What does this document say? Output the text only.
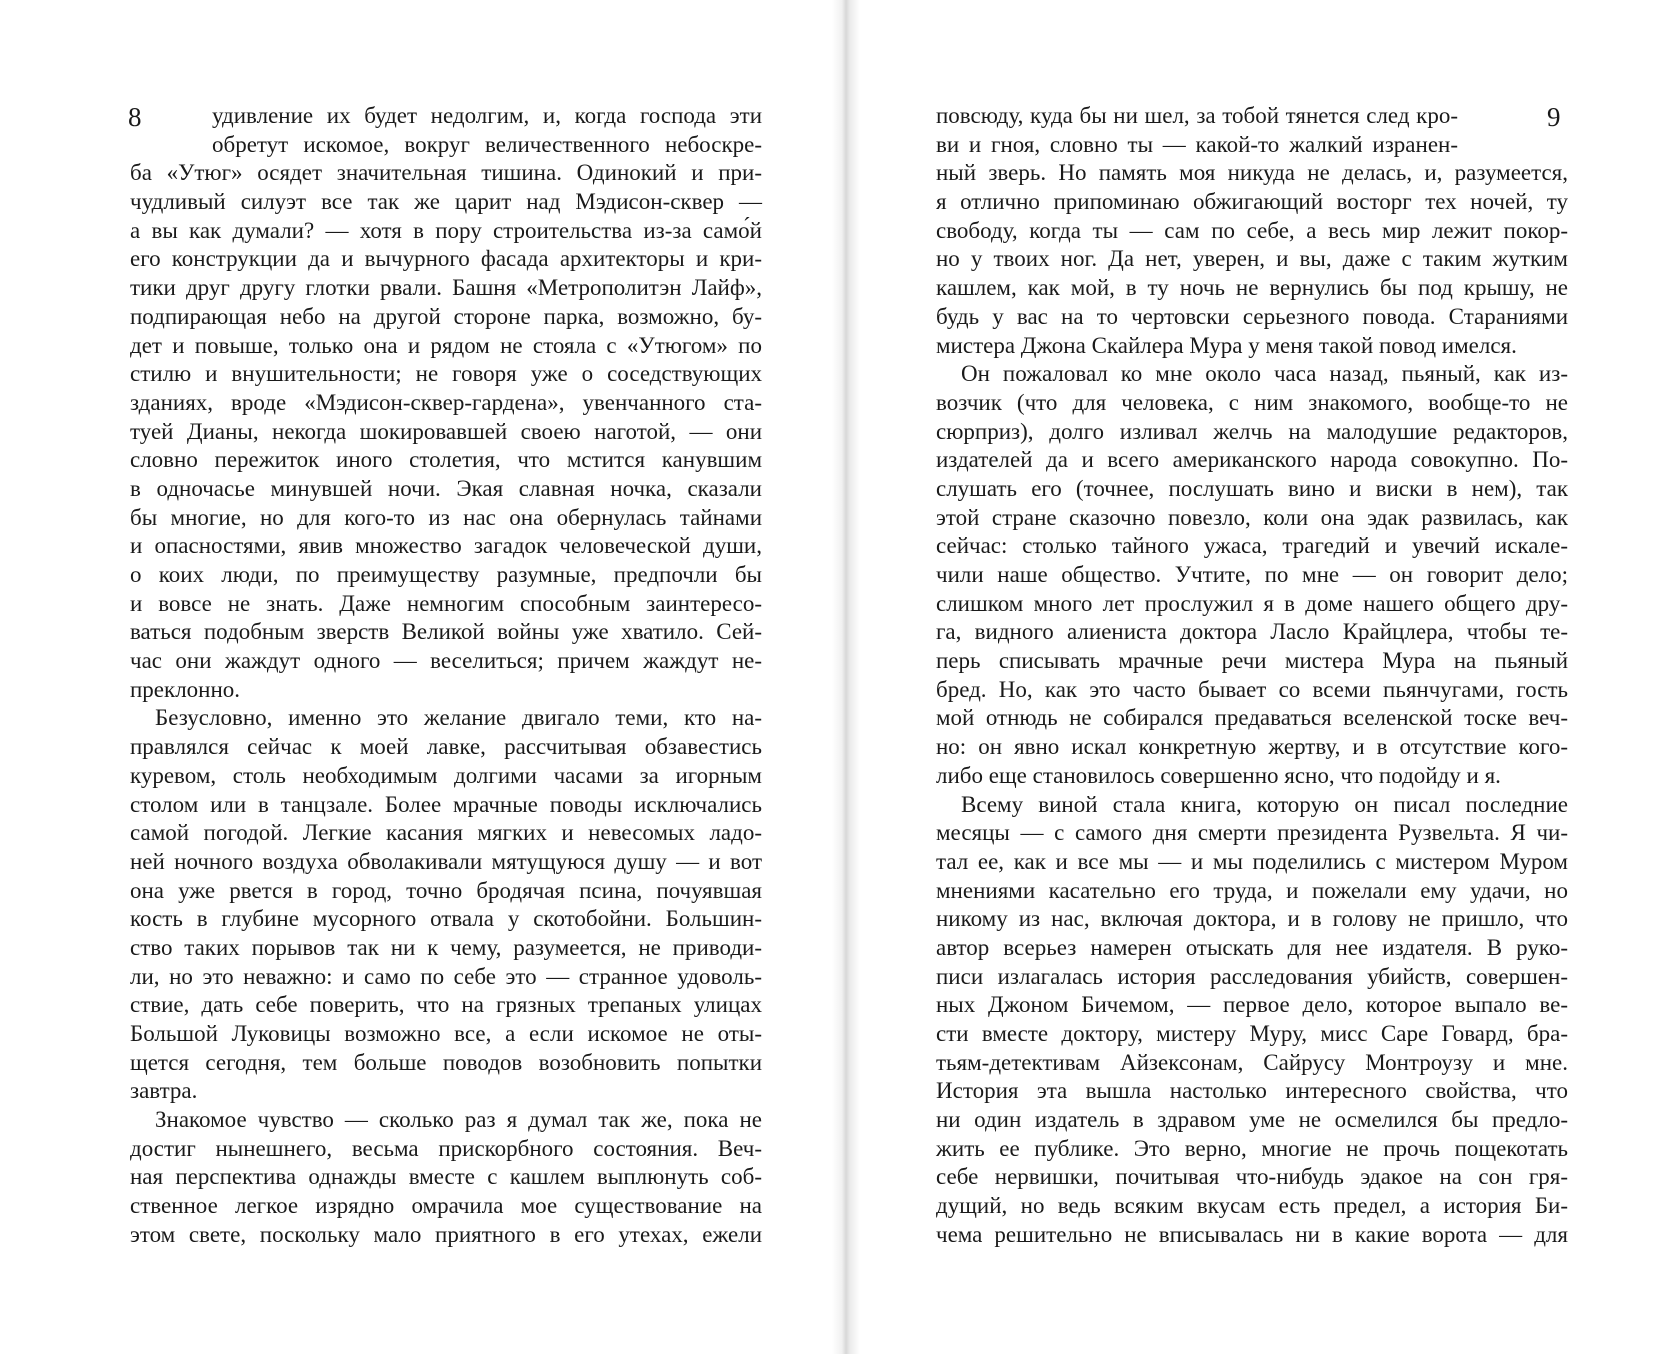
8	9
удивление их будет недолгим, и, когда господа эти
обретут искомое, вокруг величественного небоскре-
ба «Утюг» осядет значительная тишина. Одинокий и при-
чудливый силуэт все так же царит над Мэдисон-сквер —
а вы как думали? — хотя в пору строительства из-за само́й
его конструкции да и вычурного фасада архитекторы и кри-
тики друг другу глотки рвали. Башня «Метрополитэн Лайф»,
подпирающая небо на другой стороне парка, возможно, бу-
дет и повыше, только она и рядом не стояла с «Утюгом» по
стилю и внушительности; не говоря уже о соседствующих
зданиях, вроде «Мэдисон-сквер-гардена», увенчанного ста-
туей Дианы, некогда шокировавшей своею наготой, — они
словно пережиток иного столетия, что мстится канувшим
в одночасье минувшей ночи. Экая славная ночка, сказали
бы многие, но для кого-то из нас она обернулась тайнами
и опасностями, явив множество загадок человеческой души,
о коих люди, по преимуществу разумные, предпочли бы
и вовсе не знать. Даже немногим способным заинтересо-
ваться подобным зверств Великой войны уже хватило. Сей-
час они жаждут одного — веселиться; причем жаждут не-
преклонно.
Безусловно, именно это желание двигало теми, кто на-
правлялся сейчас к моей лавке, рассчитывая обзавестись
куревом, столь необходимым долгими часами за игорным
столом или в танцзале. Более мрачные поводы исключались
самой погодой. Легкие касания мягких и невесомых ладо-
ней ночного воздуха обволакивали мятущуюся душу — и вот
она уже рвется в город, точно бродячая псина, почуявшая
кость в глубине мусорного отвала у скотобойни. Большин-
ство таких порывов так ни к чему, разумеется, не приводи-
ли, но это неважно: и само по себе это — странное удоволь-
ствие, дать себе поверить, что на грязных трепаных улицах
Большой Луковицы возможно все, а если искомое не оты-
щется сегодня, тем больше поводов возобновить попытки
завтра.
Знакомое чувство — сколько раз я думал так же, пока не
достиг нынешнего, весьма прискорбного состояния. Веч-
ная перспектива однажды вместе с кашлем выплюнуть соб-
ственное легкое изрядно омрачила мое существование на
этом свете, поскольку мало приятного в его утехах, ежели
повсюду, куда бы ни шел, за тобой тянется след кро-
ви и гноя, словно ты — какой-то жалкий изранен-
ный зверь. Но память моя никуда не делась, и, разумеется,
я отлично припоминаю обжигающий восторг тех ночей, ту
свободу, когда ты — сам по себе, а весь мир лежит покор-
но у твоих ног. Да нет, уверен, и вы, даже с таким жутким
кашлем, как мой, в ту ночь не вернулись бы под крышу, не
будь у вас на то чертовски серьезного повода. Стараниями
мистера Джона Скайлера Мура у меня такой повод имелся.
Он пожаловал ко мне около часа назад, пьяный, как из-
возчик (что для человека, с ним знакомого, вообще-то не
сюрприз), долго изливал желчь на малодушие редакторов,
издателей да и всего американского народа совокупно. По-
слушать его (точнее, послушать вино и виски в нем), так
этой стране сказочно повезло, коли она эдак развилась, как
сейчас: столько тайного ужаса, трагедий и увечий искале-
чили наше общество. Учтите, по мне — он говорит дело;
слишком много лет прослужил я в доме нашего общего дру-
га, видного алиениста доктора Ласло Крайцлера, чтобы те-
перь списывать мрачные речи мистера Мура на пьяный
бред. Но, как это часто бывает со всеми пьянчугами, гость
мой отнюдь не собирался предаваться вселенской тоске веч-
но: он явно искал конкретную жертву, и в отсутствие кого-
либо еще становилось совершенно ясно, что подойду и я.
Всему виной стала книга, которую он писал последние
месяцы — с самого дня смерти президента Рузвельта. Я чи-
тал ее, как и все мы — и мы поделились с мистером Муром
мнениями касательно его труда, и пожелали ему удачи, но
никому из нас, включая доктора, и в голову не пришло, что
автор всерьез намерен отыскать для нее издателя. В руко-
писи излагалась история расследования убийств, совершен-
ных Джоном Бичемом, — первое дело, которое выпало ве-
сти вместе доктору, мистеру Муру, мисс Саре Говард, бра-
тьям-детективам Айзексонам, Сайрусу Монтроузу и мне.
История эта вышла настолько интересного свойства, что
ни один издатель в здравом уме не осмелился бы предло-
жить ее публике. Это верно, многие не прочь пощекотать
себе нервишки, почитывая что-нибудь эдакое на сон гря-
дущий, но ведь всяким вкусам есть предел, а история Би-
чема решительно не вписывалась ни в какие ворота — для
